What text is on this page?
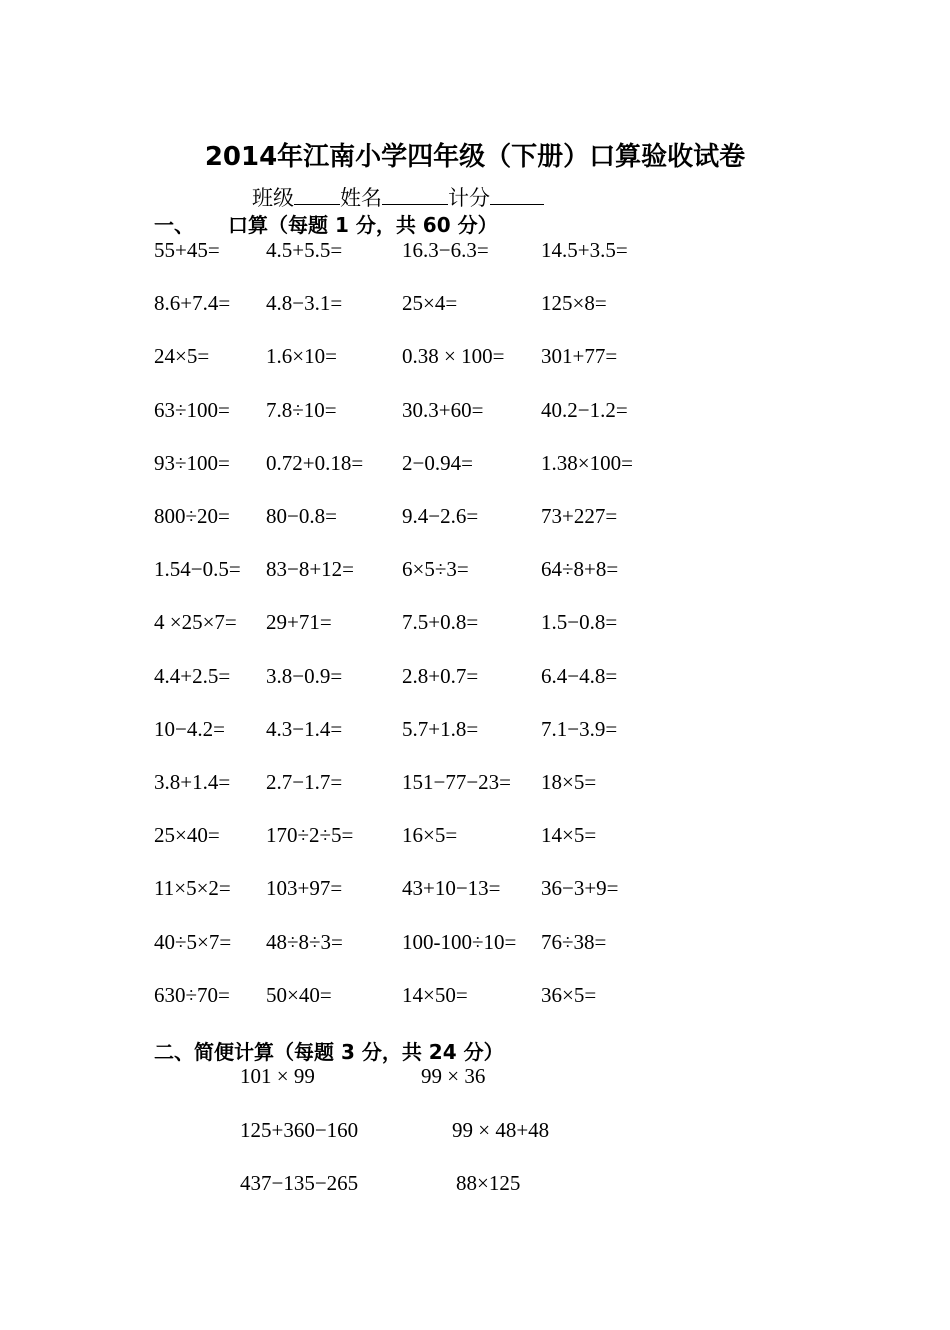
2014年江南小学四年级（下册）口算验收试卷
班级 姓名	计分
一、 口算（每题 1 分，共 60 分）
55+45= 4.5+5.5=	16.3−6.3= 14.5+3.5=
8.6+7.4= 4.8−3.1=	25×4=	125×8=
24×5=	1.6×10=	0.38 × 100= 301+77=
63÷100= 7.8÷10=	30.3+60=	40.2−1.2=
93÷100= 0.72+0.18= 2−0.94=	1.38×100=
800÷20= 80−0.8=	9.4−2.6=	73+227=
1.54−0.5= 83−8+12= 6×5÷3=	64÷8+8=
4 ×25×7= 29+71=	7.5+0.8=	1.5−0.8=
4.4+2.5= 3.8−0.9=	2.8+0.7=	6.4−4.8=
10−4.2= 4.3−1.4=	5.7+1.8=	7.1−3.9=
3.8+1.4= 2.7−1.7=	151−77−23= 18×5=
25×40= 170÷2÷5= 16×5=	14×5=
11×5×2= 103+97=	43+10−13= 36−3+9=
40÷5×7= 48÷8÷3=	100-100÷10= 76÷38=
630÷70= 50×40=	14×50=	36×5=
二、简便计算（每题 3 分，共 24 分）
101 × 99	99 × 36
125+360−160	99 × 48+48
437−135−265	88×125
